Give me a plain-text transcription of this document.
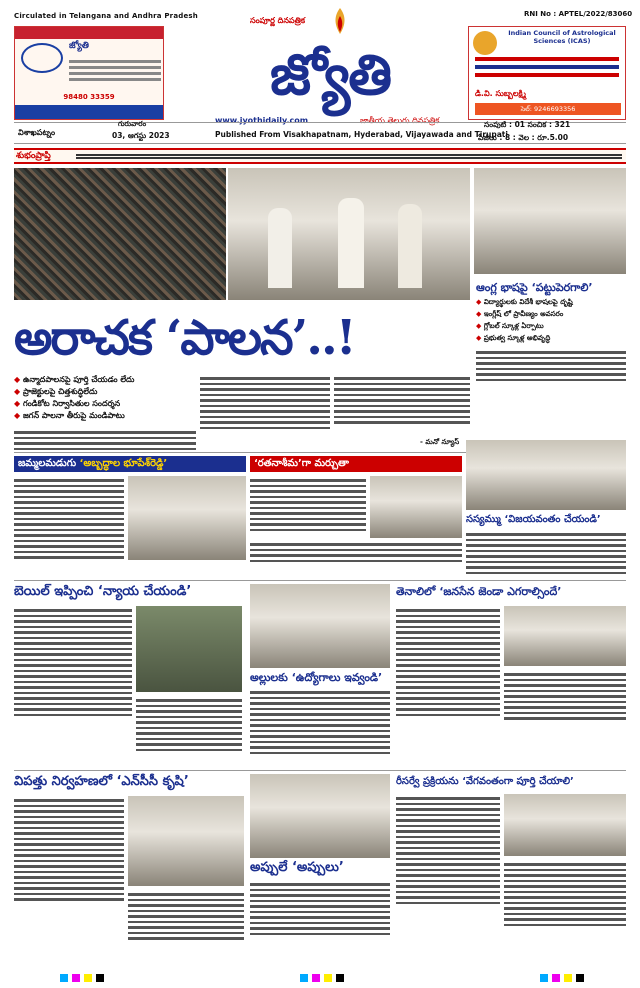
Circulated in Telangana and Andhra Pradesh	RNI No : APTEL/2022/83060
జ్యోతి
98480 33359
సంపూర్ణ దినపత్రిక
జ్యోతి
www.jyothidaily.com	జాతీయ తెలుగు దినపత్రిక
Published From Visakhapatnam, Hyderabad, Vijayawada and Tirupati
Indian Council of Astrological Sciences (ICAS)
డి.వి. సుబ్బలక్ష్మి
సెల్: 9246693356
విశాఖపట్నం
గురువారం
03, ఆగస్టు 2023
సంపుటి : 01 సంచిక : 321
పేజీలు : 8 : వెల : రూ.5.00
శుభంప్రాప్తి
అరాచక ‘పాలన’..!
ఆంగ్ల భాషపై ‘పట్టుపెరగాలి’
◆ విద్యార్థులకు విదేశీ భాషలపై దృష్టి
◆ ఇంగ్లీష్ లో ప్రావీణ్యం అవసరం
◆ గ్లోబల్ స్కూళ్ల ఏర్పాటు
◆ ప్రభుత్వ స్కూళ్ల అభివృద్ధి
◆ ఉన్మాదపాలనపై పూర్తి చేయడం లేదు
◆ ప్రాజెక్టులపై చిత్తశుద్ధిలేదు
◆ గండికోట నిర్వాసితుల సందర్శన
◆ జగన్ పాలనా తీరుపై మండిపాటు
- మనో న్యూస్
జమ్మలమడుగు ‘అబ్బద్ధాల భూపేశ్‌రెడ్డి’	‘రతనాశీమ’గా మర్చుతా
సస్యమ్ము ‘విజయవంతం చేయండి’
బెయిల్ ఇప్పించి ‘న్యాయ చేయండి’
అల్లులకు ‘ఉద్యోగాలు ఇవ్వండి’
తెనాలిలో ‘జనసేన జెండా ఎగరాల్సిందే’
విపత్తు నిర్వహణలో ‘ఎన్‌సీసీ కృషి’
అప్పులే ‘అప్పులు’
రీసర్వే ప్రక్రియను ‘వేగవంతంగా పూర్తి చేయాలి’
